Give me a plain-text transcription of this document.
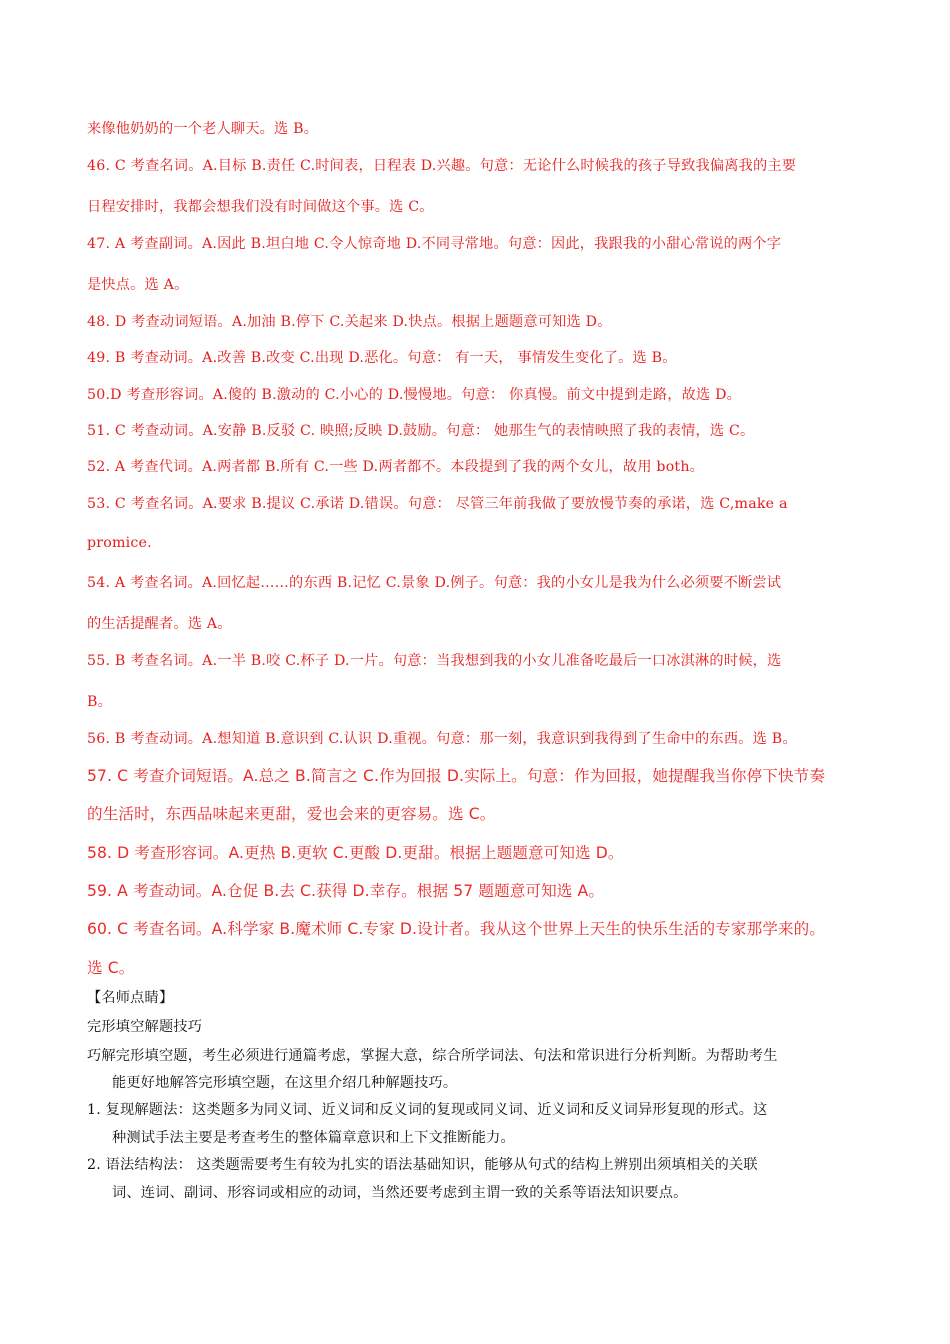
来像他奶奶的一个老人聊天。选 B。
46. C 考查名词。A.目标 B.责任 C.时间表，日程表 D.兴趣。句意：无论什么时候我的孩子导致我偏离我的主要
日程安排时，我都会想我们没有时间做这个事。选 C。
47. A 考查副词。A.因此 B.坦白地 C.令人惊奇地 D.不同寻常地。句意：因此，我跟我的小甜心常说的两个字
是快点。选 A。
48. D 考查动词短语。A.加油 B.停下 C.关起来 D.快点。根据上题题意可知选 D。
49. B 考查动词。A.改善 B.改变 C.出现 D.恶化。句意： 有一天， 事情发生变化了。选 B。
50.D 考查形容词。A.傻的 B.激动的 C.小心的 D.慢慢地。句意： 你真慢。前文中提到走路，故选 D。
51. C 考查动词。A.安静 B.反驳 C. 映照;反映 D.鼓励。句意： 她那生气的表情映照了我的表情，选 C。
52. A 考查代词。A.两者都 B.所有 C.一些 D.两者都不。本段提到了我的两个女儿，故用 both。
53. C 考查名词。A.要求 B.提议 C.承诺 D.错误。句意： 尽管三年前我做了要放慢节奏的承诺，选 C,make a
promice.
54. A 考查名词。A.回忆起……的东西 B.记忆 C.景象 D.例子。句意：我的小女儿是我为什么必须要不断尝试
的生活提醒者。选 A。
55. B 考查名词。A.一半 B.咬 C.杯子 D.一片。句意：当我想到我的小女儿准备吃最后一口冰淇淋的时候，选
B。
56. B 考查动词。A.想知道 B.意识到 C.认识 D.重视。句意：那一刻，我意识到我得到了生命中的东西。选 B。
57. C 考查介词短语。A.总之 B.简言之 C.作为回报 D.实际上。句意：作为回报，她提醒我当你停下快节奏
的生活时，东西品味起来更甜，爱也会来的更容易。选 C。
58. D 考查形容词。A.更热 B.更软 C.更酸 D.更甜。根据上题题意可知选 D。
59. A 考查动词。A.仓促 B.去 C.获得 D.幸存。根据 57 题题意可知选 A。
60. C 考查名词。A.科学家 B.魔术师 C.专家 D.设计者。我从这个世界上天生的快乐生活的专家那学来的。
选 C。
【名师点睛】
完形填空解题技巧
巧解完形填空题，考生必须进行通篇考虑，掌握大意，综合所学词法、句法和常识进行分析判断。为帮助考生
能更好地解答完形填空题，在这里介绍几种解题技巧。
1. 复现解题法：这类题多为同义词、近义词和反义词的复现或同义词、近义词和反义词异形复现的形式。这
种测试手法主要是考查考生的整体篇章意识和上下文推断能力。
2. 语法结构法： 这类题需要考生有较为扎实的语法基础知识，能够从句式的结构上辨别出须填相关的关联
词、连词、副词、形容词或相应的动词，当然还要考虑到主谓一致的关系等语法知识要点。
